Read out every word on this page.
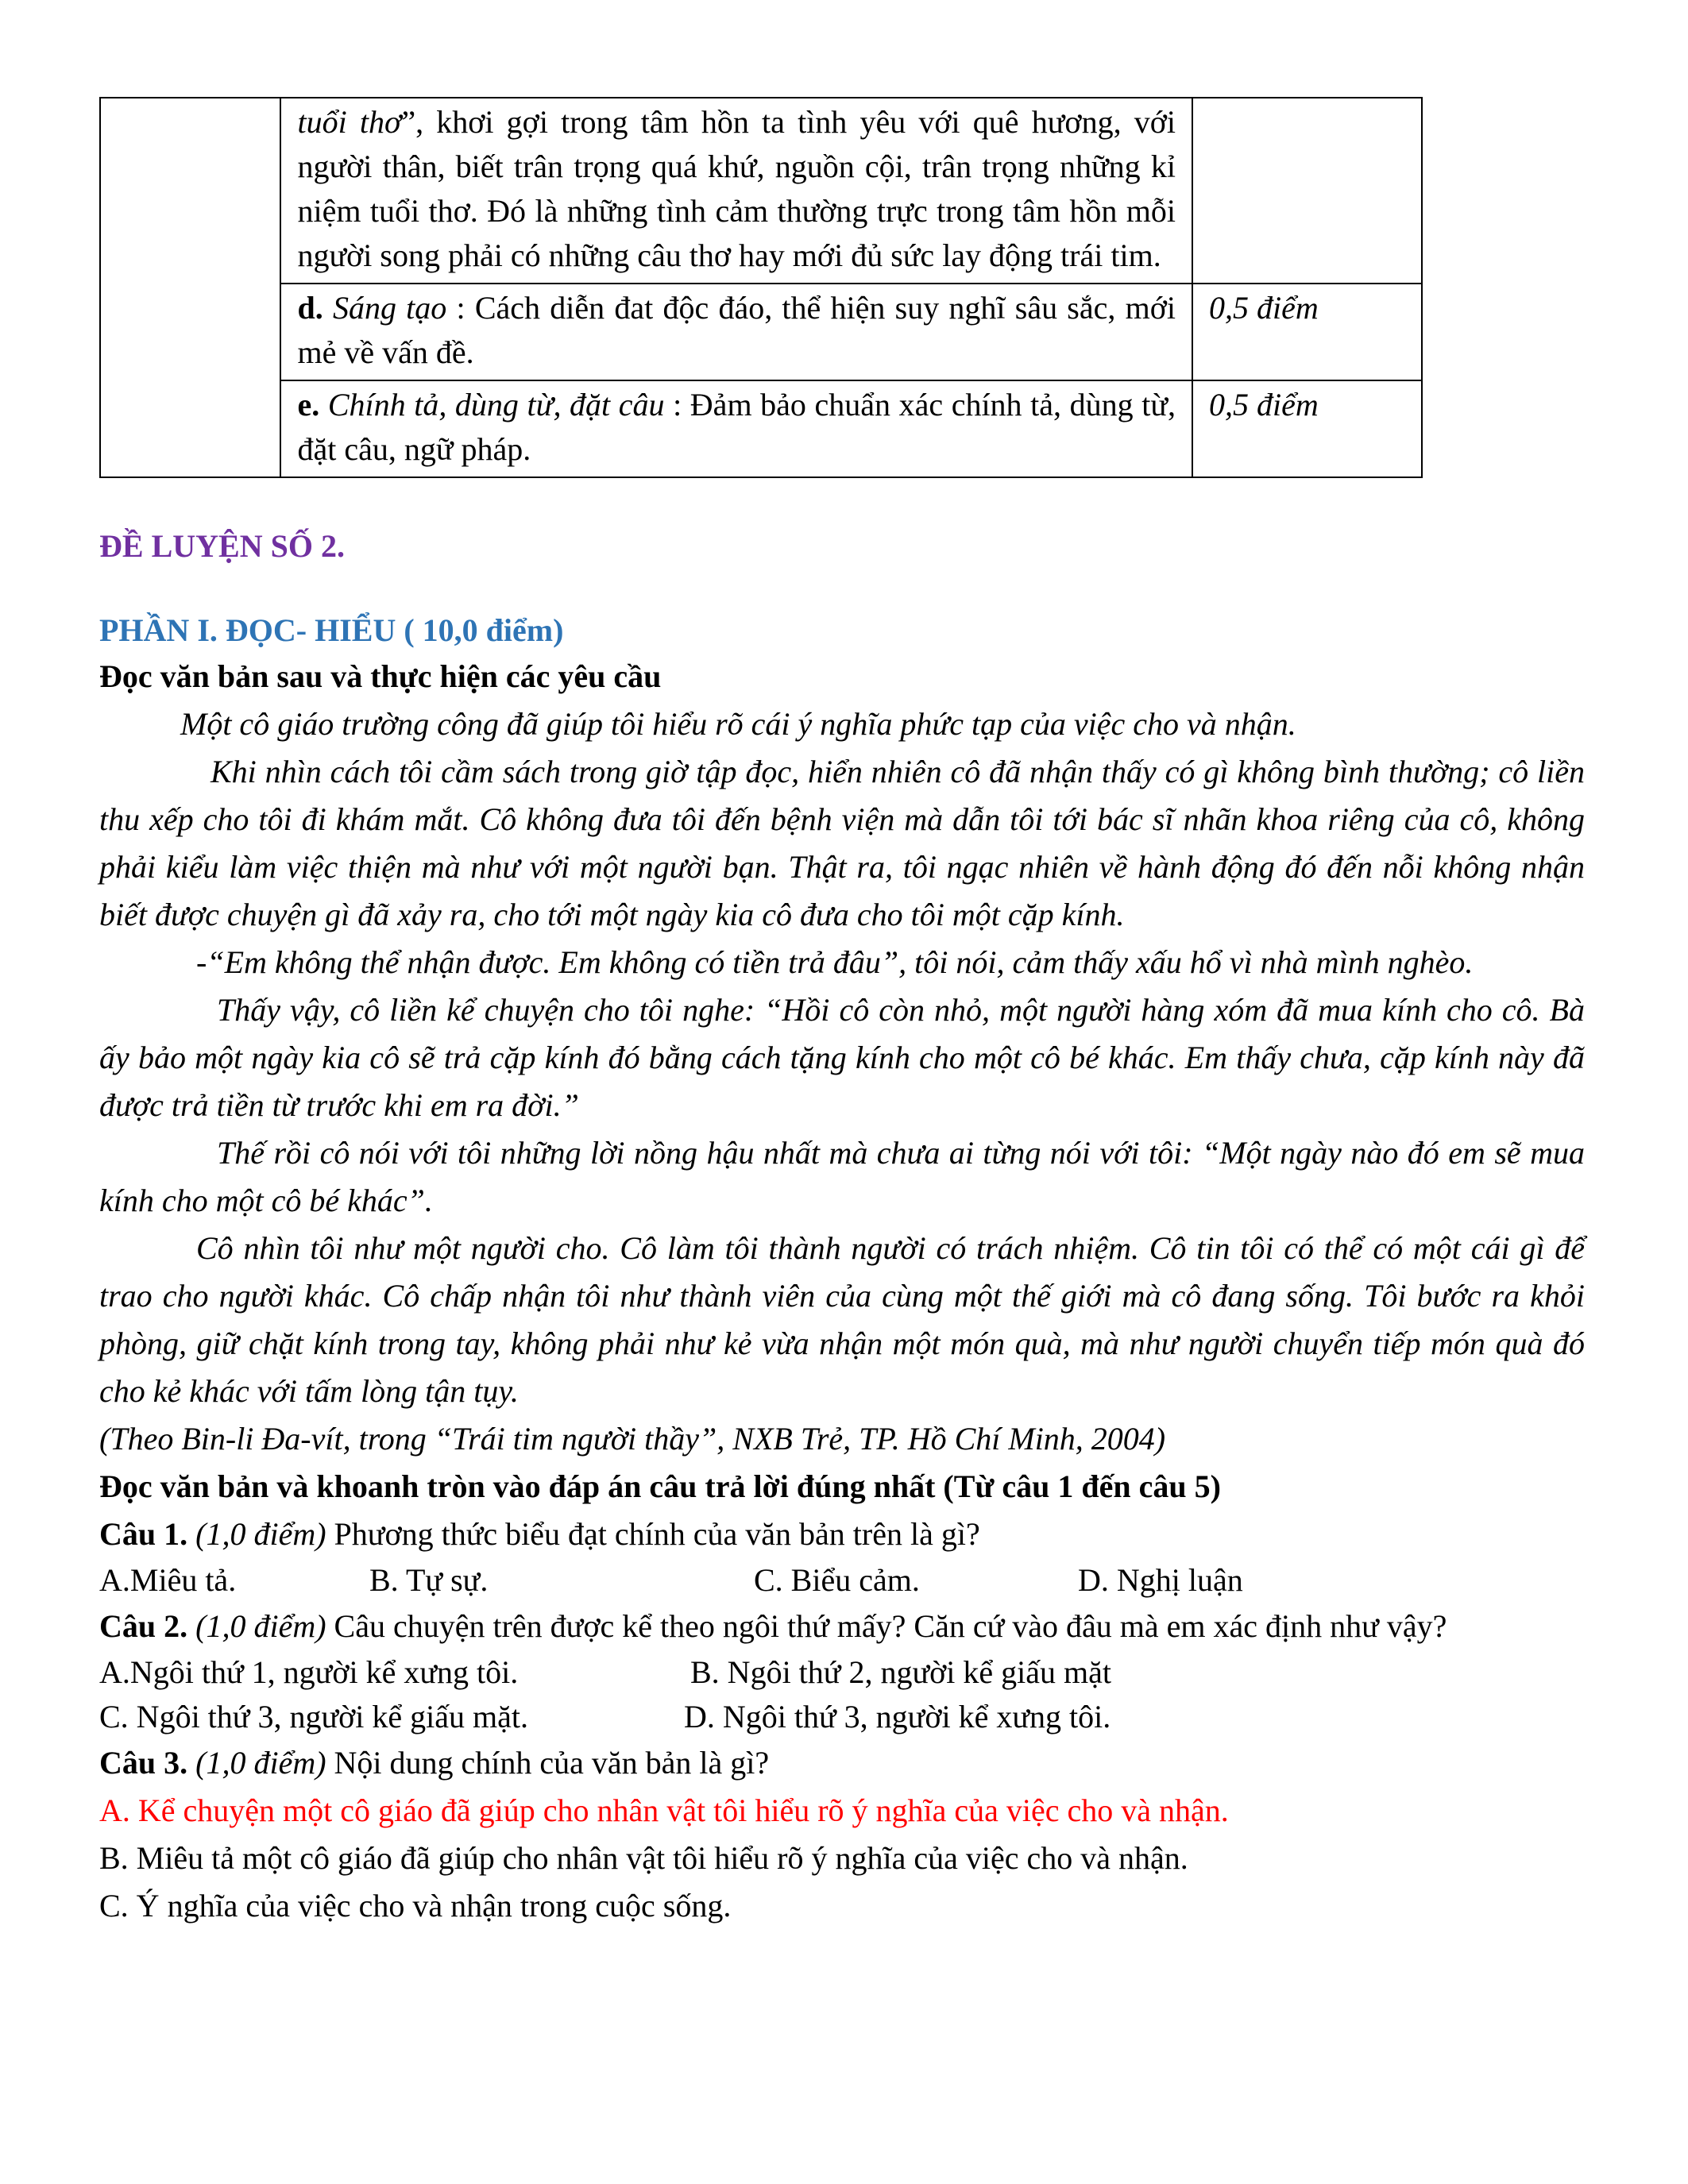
	tuổi thơ”, khơi gợi trong tâm hồn ta tình yêu với quê hương, với người thân, biết trân trọng quá khứ, nguồn cội, trân trọng những kỉ niệm tuổi thơ. Đó là những tình cảm thường trực trong tâm hồn mỗi người song phải có những câu thơ hay mới đủ sức lay động trái tim.	
	d. Sáng tạo : Cách diễn đat độc đáo, thể hiện suy nghĩ sâu sắc, mới mẻ về vấn đề.	0,5 điểm
	e. Chính tả, dùng từ, đặt câu : Đảm bảo chuẩn xác chính tả, dùng từ, đặt câu, ngữ pháp.	0,5 điểm
ĐỀ LUYỆN SỐ 2.
PHẦN I. ĐỌC- HIỂU ( 10,0 điểm)

Đọc văn bản sau và thực hiện các yêu cầu

Một cô giáo trường công đã giúp tôi hiểu rõ cái ý nghĩa phức tạp của việc cho và nhận.

Khi nhìn cách tôi cầm sách trong giờ tập đọc, hiển nhiên cô đã nhận thấy có gì không bình thường; cô liền thu xếp cho tôi đi khám mắt. Cô không đưa tôi đến bệnh viện mà dẫn tôi tới bác sĩ nhãn khoa riêng của cô, không phải kiểu làm việc thiện mà như với một người bạn. Thật ra, tôi ngạc nhiên về hành động đó đến nỗi không nhận biết được chuyện gì đã xảy ra, cho tới một ngày kia cô đưa cho tôi một cặp kính.

-“Em không thể nhận được. Em không có tiền trả đâu”, tôi nói, cảm thấy xấu hổ vì nhà mình nghèo.

Thấy vậy, cô liền kể chuyện cho tôi nghe: “Hồi cô còn nhỏ, một người hàng xóm đã mua kính cho cô. Bà ấy bảo một ngày kia cô sẽ trả cặp kính đó bằng cách tặng kính cho một cô bé khác. Em thấy chưa, cặp kính này đã được trả tiền từ trước khi em ra đời.”

Thế rồi cô nói với tôi những lời nồng hậu nhất mà chưa ai từng nói với tôi: “Một ngày nào đó em sẽ mua kính cho một cô bé khác”.

Cô nhìn tôi như một người cho. Cô làm tôi thành người có trách nhiệm. Cô tin tôi có thể có một cái gì để trao cho người khác. Cô chấp nhận tôi như thành viên của cùng một thế giới mà cô đang sống. Tôi bước ra khỏi phòng, giữ chặt kính trong tay, không phải như kẻ vừa nhận một món quà, mà như người chuyển tiếp món quà đó cho kẻ khác với tấm lòng tận tụy.

(Theo Bin-li Đa-vít, trong “Trái tim người thầy”, NXB Trẻ, TP. Hồ Chí Minh, 2004)

Đọc văn bản và khoanh tròn vào đáp án câu trả lời đúng nhất (Từ câu 1 đến câu 5)

Câu 1. (1,0 điểm) Phương thức biểu đạt chính của văn bản trên là gì?

A.Miêu tả.	B. Tự sự.	C. Biểu cảm.	D. Nghị luận

Câu 2. (1,0 điểm) Câu chuyện trên được kể theo ngôi thứ mấy? Căn cứ vào đâu mà em xác định như vậy?

A.Ngôi thứ 1, người kể xưng tôi.	B. Ngôi thứ 2, người kể giấu mặt
C. Ngôi thứ 3, người kể giấu mặt.	D. Ngôi thứ 3, người kể xưng tôi.

Câu 3. (1,0 điểm) Nội dung chính của văn bản là gì?

A. Kể chuyện một cô giáo đã giúp cho nhân vật tôi hiểu rõ ý nghĩa của việc cho và nhận.

B. Miêu tả một cô giáo đã giúp cho nhân vật tôi hiểu rõ ý nghĩa của việc cho và nhận.

C. Ý nghĩa của việc cho và nhận trong cuộc sống.
